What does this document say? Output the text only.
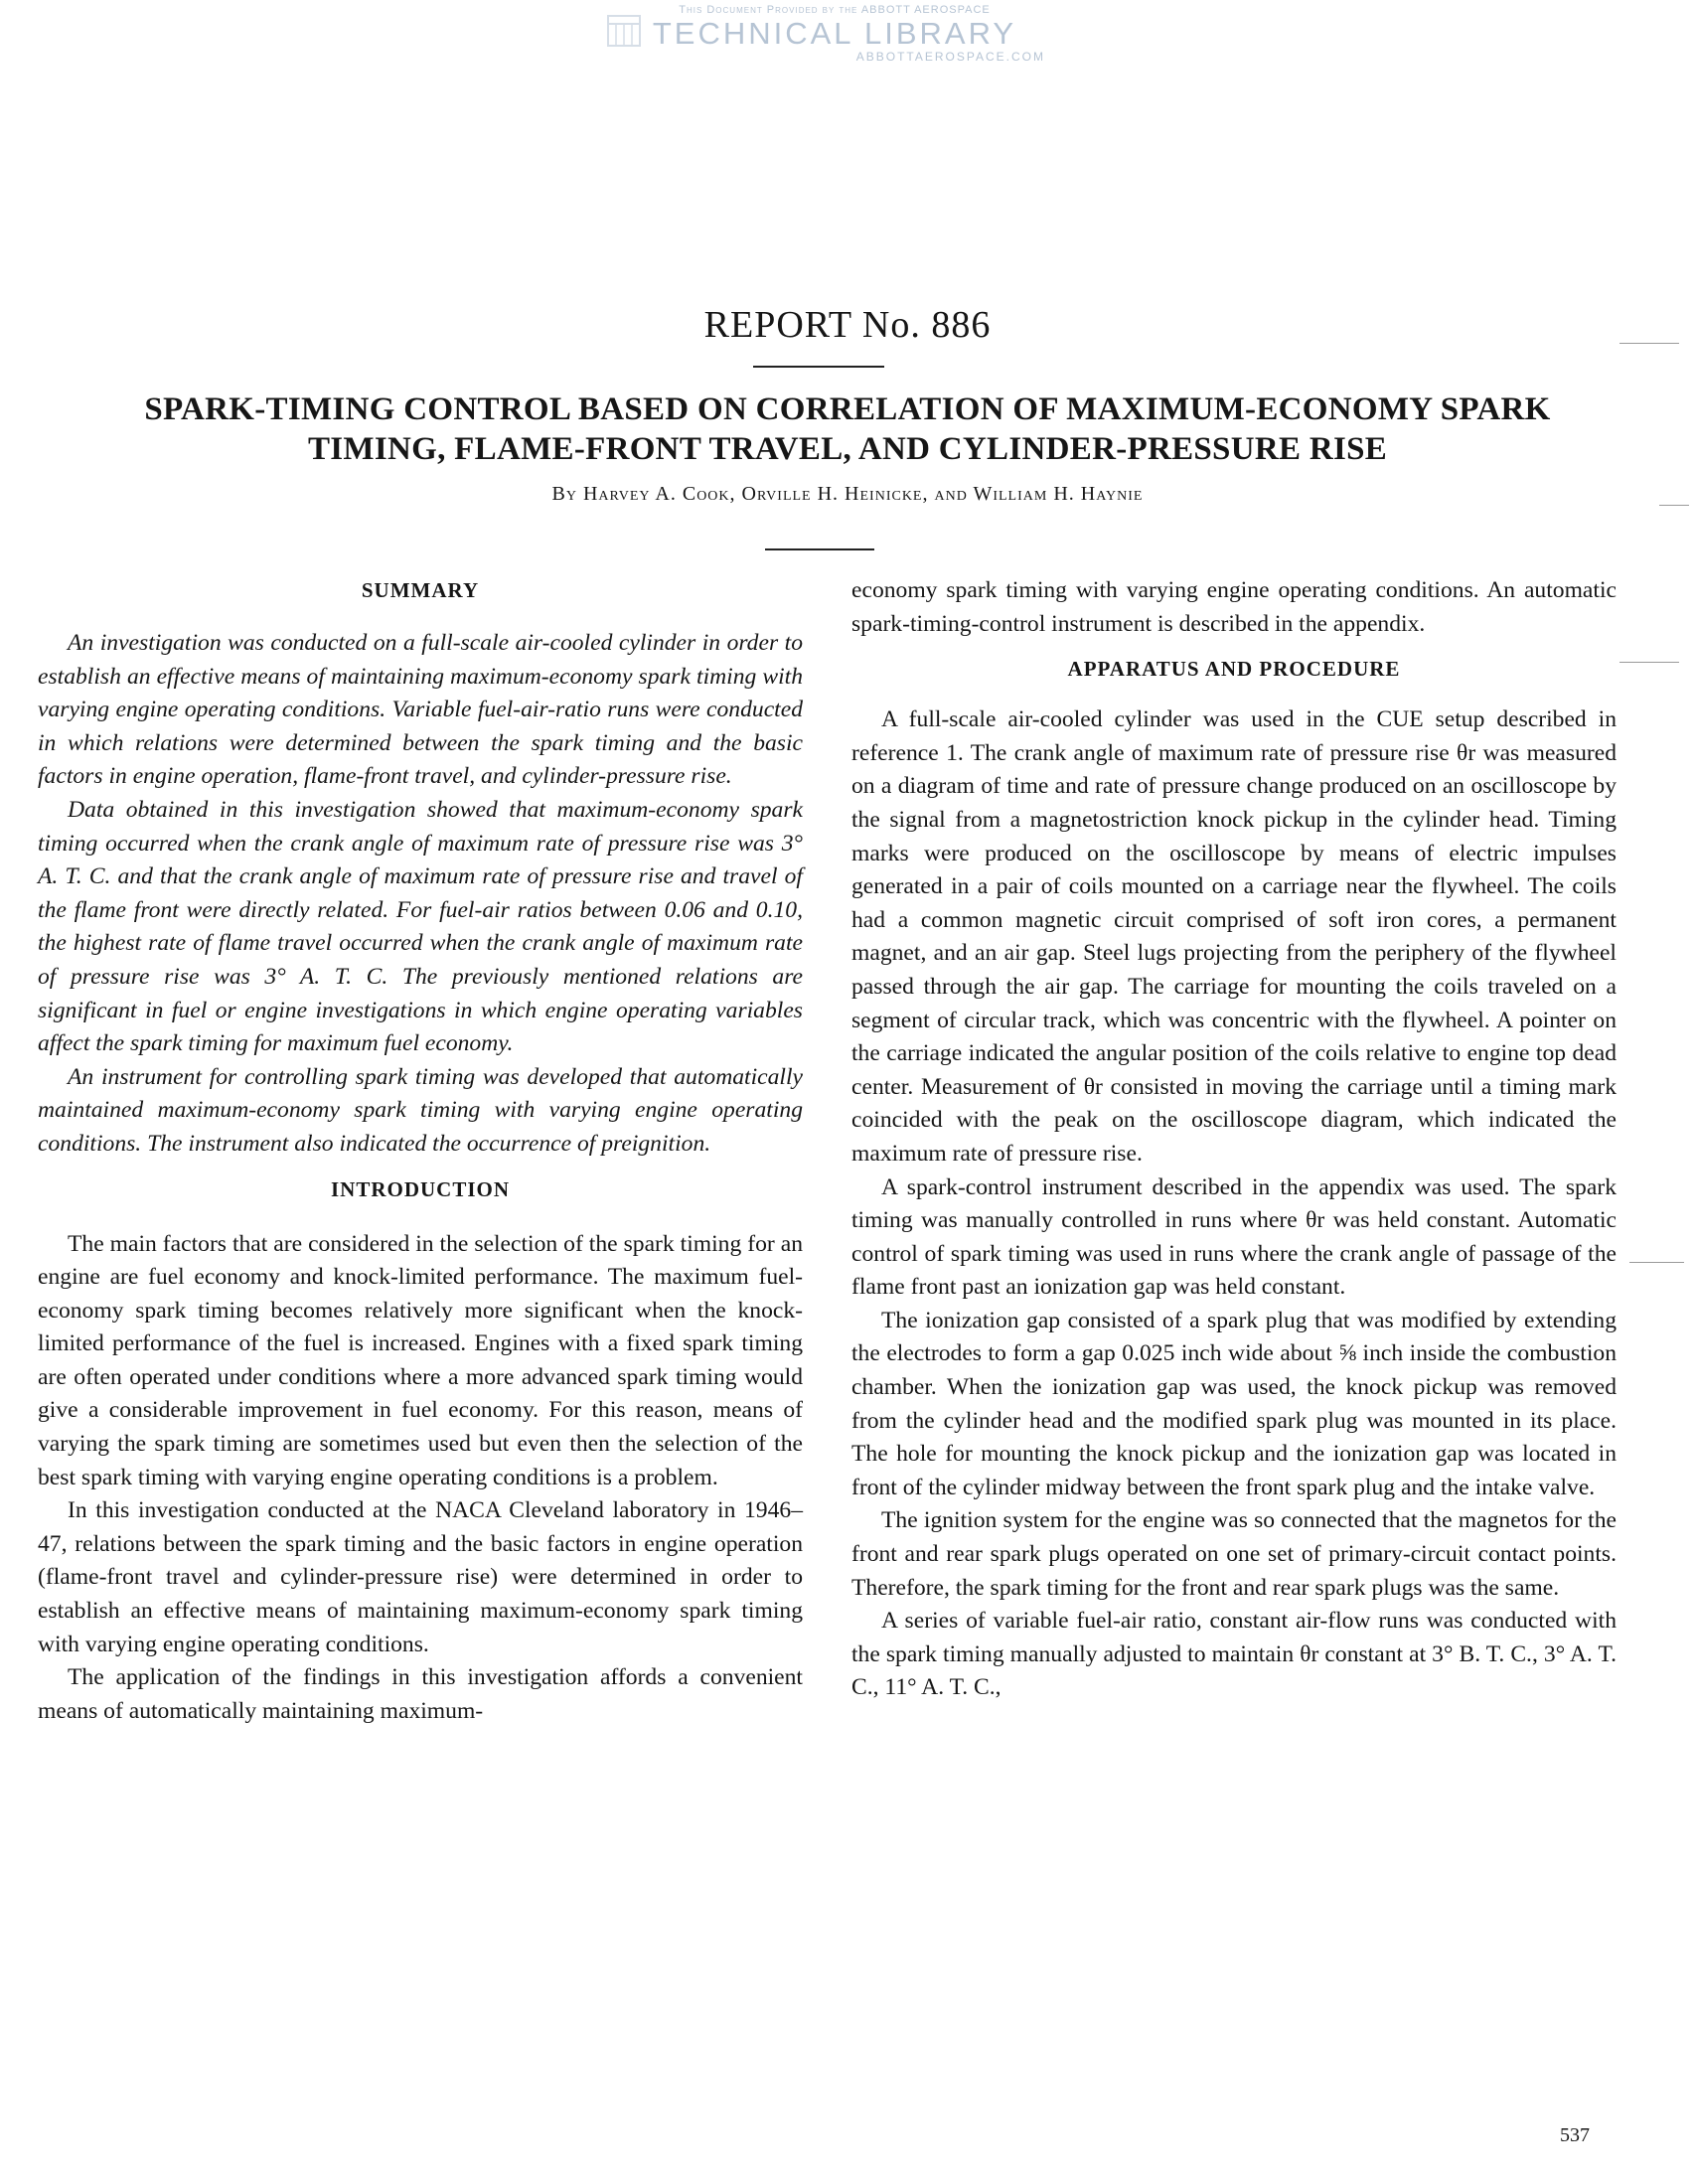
This Document Provided by the ABBOTT AEROSPACE
TECHNICAL LIBRARY
ABBOTTAEROSPACE.COM
REPORT No. 886
SPARK-TIMING CONTROL BASED ON CORRELATION OF MAXIMUM-ECONOMY SPARK
TIMING, FLAME-FRONT TRAVEL, AND CYLINDER-PRESSURE RISE
By Harvey A. Cook, Orville H. Heinicke, and William H. Haynie
SUMMARY

An investigation was conducted on a full-scale air-cooled cylinder in order to establish an effective means of maintaining maximum-economy spark timing with varying engine operating conditions. Variable fuel-air-ratio runs were conducted in which relations were determined between the spark timing and the basic factors in engine operation, flame-front travel, and cylinder-pressure rise.

Data obtained in this investigation showed that maximum-economy spark timing occurred when the crank angle of maximum rate of pressure rise was 3° A. T. C. and that the crank angle of maximum rate of pressure rise and travel of the flame front were directly related. For fuel-air ratios between 0.06 and 0.10, the highest rate of flame travel occurred when the crank angle of maximum rate of pressure rise was 3° A. T. C. The previously mentioned relations are significant in fuel or engine investigations in which engine operating variables affect the spark timing for maximum fuel economy.

An instrument for controlling spark timing was developed that automatically maintained maximum-economy spark timing with varying engine operating conditions. The instrument also indicated the occurrence of preignition.

INTRODUCTION

The main factors that are considered in the selection of the spark timing for an engine are fuel economy and knock-limited performance. The maximum fuel-economy spark timing becomes relatively more significant when the knock-limited performance of the fuel is increased. Engines with a fixed spark timing are often operated under conditions where a more advanced spark timing would give a considerable improvement in fuel economy. For this reason, means of varying the spark timing are sometimes used but even then the selection of the best spark timing with varying engine operating conditions is a problem.

In this investigation conducted at the NACA Cleveland laboratory in 1946–47, relations between the spark timing and the basic factors in engine operation (flame-front travel and cylinder-pressure rise) were determined in order to establish an effective means of maintaining maximum-economy spark timing with varying engine operating conditions.

The application of the findings in this investigation affords a convenient means of automatically maintaining maximum-

economy spark timing with varying engine operating conditions. An automatic spark-timing-control instrument is described in the appendix.

APPARATUS AND PROCEDURE

A full-scale air-cooled cylinder was used in the CUE setup described in reference 1. The crank angle of maximum rate of pressure rise θr was measured on a diagram of time and rate of pressure change produced on an oscilloscope by the signal from a magnetostriction knock pickup in the cylinder head. Timing marks were produced on the oscilloscope by means of electric impulses generated in a pair of coils mounted on a carriage near the flywheel. The coils had a common magnetic circuit comprised of soft iron cores, a permanent magnet, and an air gap. Steel lugs projecting from the periphery of the flywheel passed through the air gap. The carriage for mounting the coils traveled on a segment of circular track, which was concentric with the flywheel. A pointer on the carriage indicated the angular position of the coils relative to engine top dead center. Measurement of θr consisted in moving the carriage until a timing mark coincided with the peak on the oscilloscope diagram, which indicated the maximum rate of pressure rise.

A spark-control instrument described in the appendix was used. The spark timing was manually controlled in runs where θr was held constant. Automatic control of spark timing was used in runs where the crank angle of passage of the flame front past an ionization gap was held constant.

The ionization gap consisted of a spark plug that was modified by extending the electrodes to form a gap 0.025 inch wide about ⅝ inch inside the combustion chamber. When the ionization gap was used, the knock pickup was removed from the cylinder head and the modified spark plug was mounted in its place. The hole for mounting the knock pickup and the ionization gap was located in front of the cylinder midway between the front spark plug and the intake valve.

The ignition system for the engine was so connected that the magnetos for the front and rear spark plugs operated on one set of primary-circuit contact points. Therefore, the spark timing for the front and rear spark plugs was the same.

A series of variable fuel-air ratio, constant air-flow runs was conducted with the spark timing manually adjusted to maintain θr constant at 3° B. T. C., 3° A. T. C., 11° A. T. C.,

537
